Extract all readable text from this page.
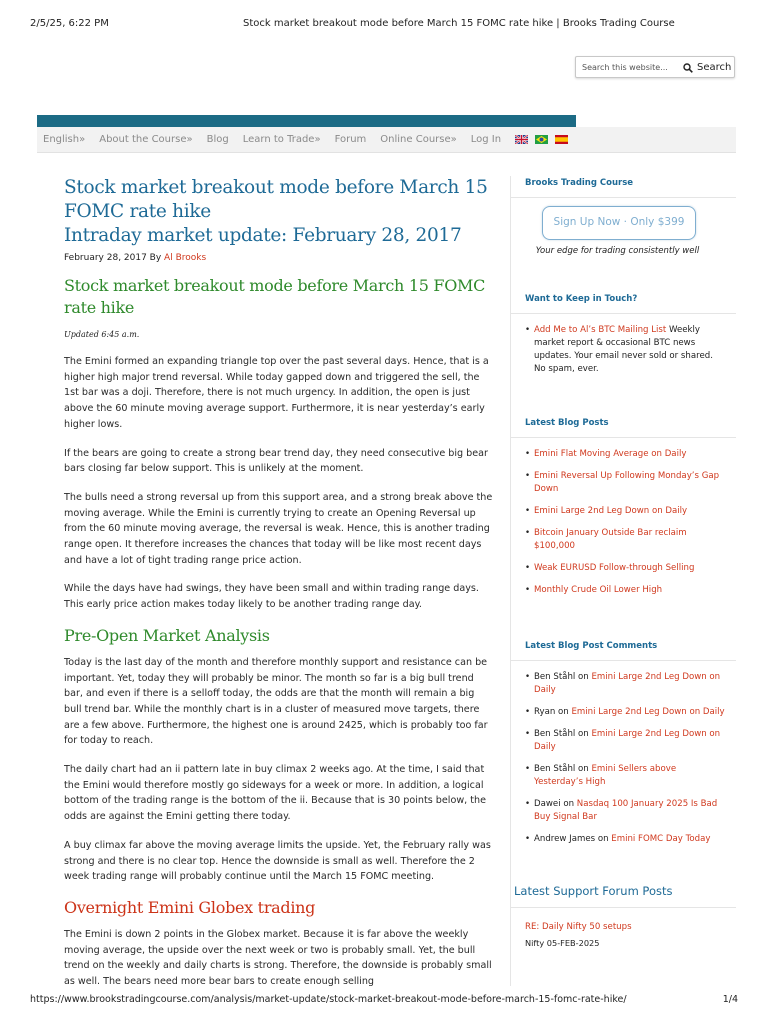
2/5/25, 6:22 PM	Stock market breakout mode before March 15 FOMC rate hike | Brooks Trading Course
Search this website...
Search
English» About the Course» Blog Learn to Trade» Forum Online Course» Log In
Stock market breakout mode before March 15 FOMC rate hike
Intraday market update: February 28, 2017
February 28, 2017 By Al Brooks
Stock market breakout mode before March 15 FOMC rate hike
Updated 6:45 a.m.

The Emini formed an expanding triangle top over the past several days. Hence, that is a higher high major trend reversal. While today gapped down and triggered the sell, the 1st bar was a doji. Therefore, there is not much urgency. In addition, the open is just above the 60 minute moving average support. Furthermore, it is near yesterday’s early higher lows.

If the bears are going to create a strong bear trend day, they need consecutive big bear bars closing far below support. This is unlikely at the moment.

The bulls need a strong reversal up from this support area, and a strong break above the moving average. While the Emini is currently trying to create an Opening Reversal up from the 60 minute moving average, the reversal is weak. Hence, this is another trading range open. It therefore increases the chances that today will be like most recent days and have a lot of tight trading range price action.

While the days have had swings, they have been small and within trading range days. This early price action makes today likely to be another trading range day.

Pre-Open Market Analysis

Today is the last day of the month and therefore monthly support and resistance can be important. Yet, today they will probably be minor. The month so far is a big bull trend bar, and even if there is a selloff today, the odds are that the month will remain a big bull trend bar. While the monthly chart is in a cluster of measured move targets, there are a few above. Furthermore, the highest one is around 2425, which is probably too far for today to reach.

The daily chart had an ii pattern late in buy climax 2 weeks ago. At the time, I said that the Emini would therefore mostly go sideways for a week or more. In addition, a logical bottom of the trading range is the bottom of the ii. Because that is 30 points below, the odds are against the Emini getting there today.

A buy climax far above the moving average limits the upside. Yet, the February rally was strong and there is no clear top. Hence the downside is small as well. Therefore the 2 week trading range will probably continue until the March 15 FOMC meeting.

Overnight Emini Globex trading

The Emini is down 2 points in the Globex market. Because it is far above the weekly moving average, the upside over the next week or two is probably small. Yet, the bull trend on the weekly and daily charts is strong. Therefore, the downside is probably small as well. The bears need more bear bars to create enough selling

Brooks Trading Course
Sign Up Now · Only $399
Your edge for trading consistently well
Want to Keep in Touch?
• Add Me to Al’s BTC Mailing List Weekly market report & occasional BTC news updates. Your email never sold or shared. No spam, ever.
Latest Blog Posts
• Emini Flat Moving Average on Daily
• Emini Reversal Up Following Monday’s Gap Down
• Emini Large 2nd Leg Down on Daily
• Bitcoin January Outside Bar reclaim $100,000
• Weak EURUSD Follow-through Selling
• Monthly Crude Oil Lower High
Latest Blog Post Comments
• Ben Ståhl on Emini Large 2nd Leg Down on Daily
• Ryan on Emini Large 2nd Leg Down on Daily
• Ben Ståhl on Emini Large 2nd Leg Down on Daily
• Ben Ståhl on Emini Sellers above Yesterday’s High
• Dawei on Nasdaq 100 January 2025 Is Bad Buy Signal Bar
• Andrew James on Emini FOMC Day Today
Latest Support Forum Posts
RE: Daily Nifty 50 setups
Nifty 05-FEB-2025
https://www.brookstradingcourse.com/analysis/market-update/stock-market-breakout-mode-before-march-15-fomc-rate-hike/	1/4
